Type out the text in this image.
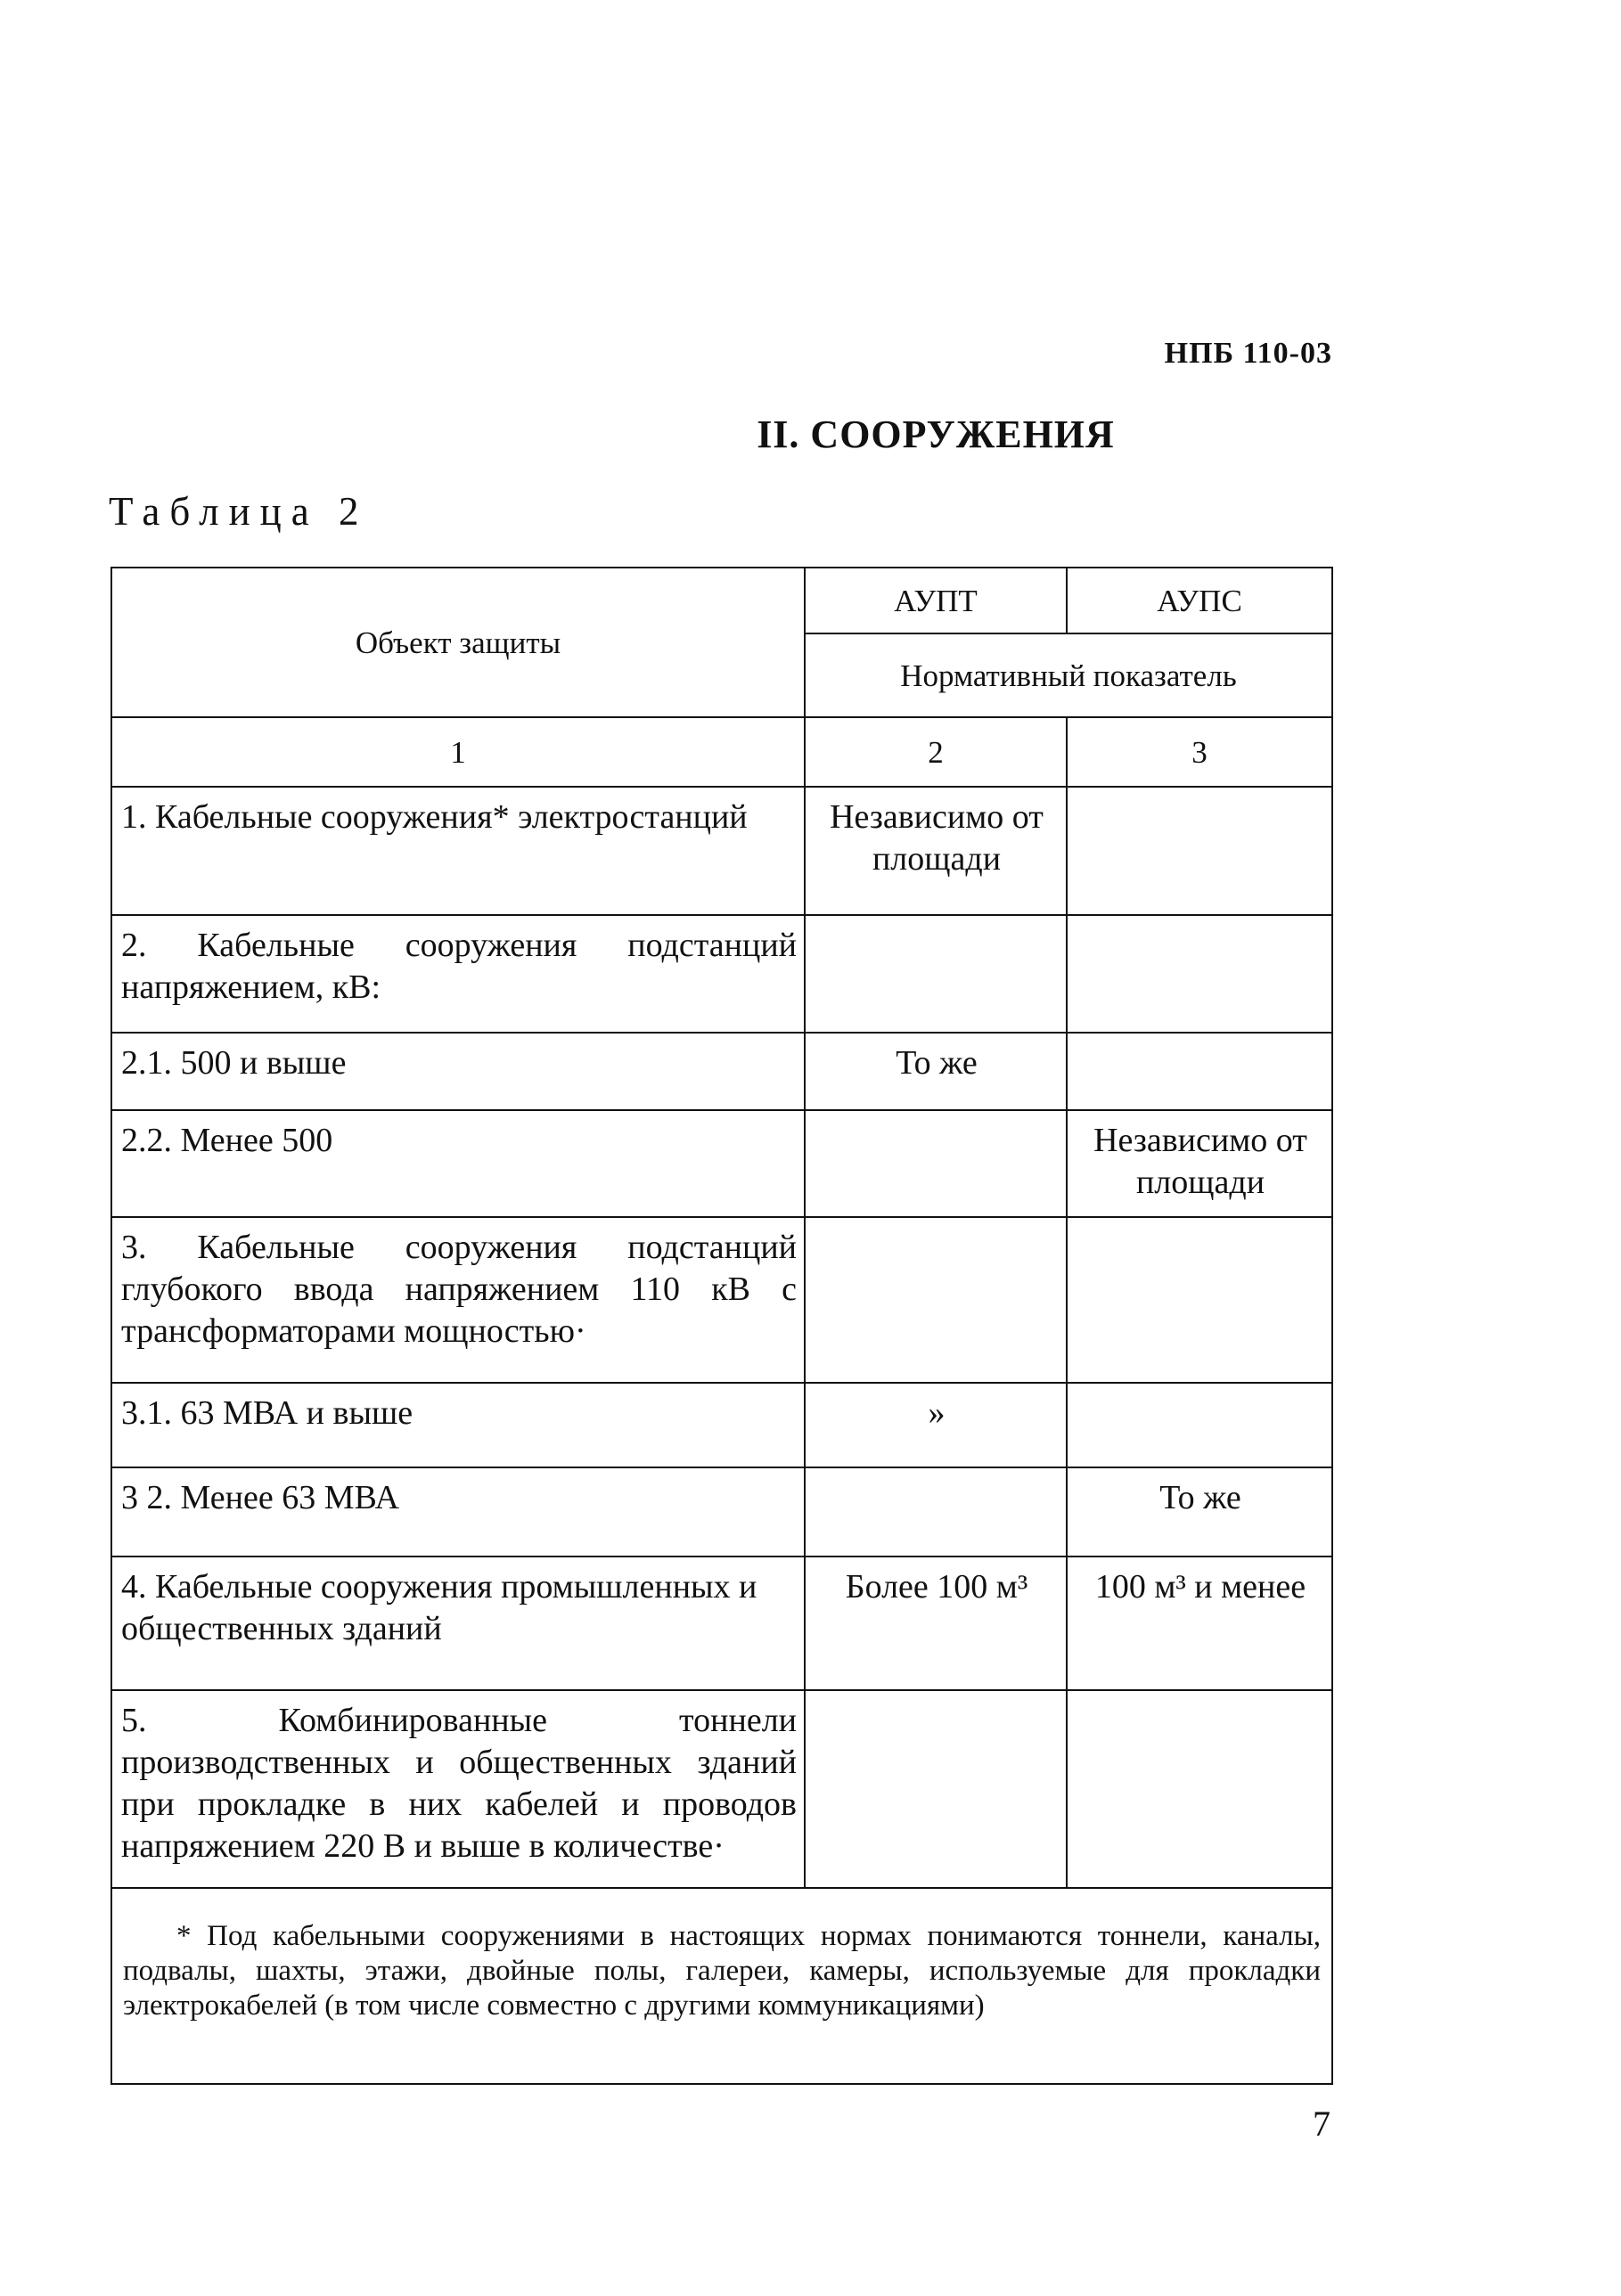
НПБ 110-03
II. СООРУЖЕНИЯ
Таблица 2
Объект защиты	АУПТ	АУПС
	Нормативный показатель	
1	2	3
1. Кабельные сооружения* электростанций	Независимо от площади	
2. Кабельные сооружения подстанций напряжением, кВ:		
2.1. 500 и выше	То же	
2.2. Менее 500		Независимо от площади
3. Кабельные сооружения подстанций глубокого ввода напряжением 110 кВ с трансформаторами мощностью·		
3.1. 63 МВА и выше	»	
3 2. Менее 63 МВА		То же
4. Кабельные сооружения промышленных и общественных зданий	Более 100 м³	100 м³ и менее
5. Комбинированные тоннели производственных и общественных зданий при прокладке в них кабелей и проводов напряжением 220 В и выше в количестве·		
* Под кабельными сооружениями в настоящих нормах понимаются тоннели, каналы, подвалы, шахты, этажи, двойные полы, галереи, камеры, используемые для прокладки электрокабелей (в том числе совместно с другими коммуникациями)		
7
